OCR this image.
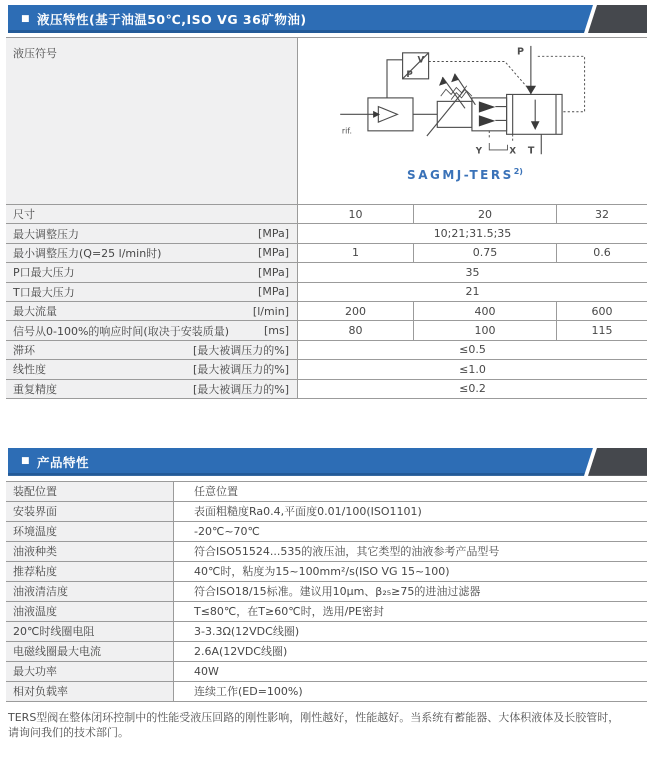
■ 液压特性(基于油温50℃,ISO VG 36矿物油)
液压符号
V
P
rif.
P
T
X
Y
SAGMJ-TERS$^{2)}$
尺寸	10	20	32
最大调整压力	[MPa]	10;21;31.5;35
最小调整压力(Q=25 l/min时)	[MPa]	1	0.75	0.6
P口最大压力	[MPa]	35
T口最大压力	[MPa]	21
最大流量	[l/min]	200	400	600
信号从0-100%的响应时间(取决于安装质量)	[ms]	80	100	115
滞环	[最大被调压力的%]	≤0.5
线性度	[最大被调压力的%]	≤1.0
重复精度	[最大被调压力的%]	≤0.2
■ 产品特性
装配位置	任意位置
安装界面	表面粗糙度Ra0.4,平面度0.01/100(ISO1101)
环境温度	-20℃~70℃
油液种类	符合ISO51524...535的液压油，其它类型的油液参考产品型号
推荐粘度	40℃时，粘度为15~100mm²/s(ISO VG 15~100)
油液清洁度	符合ISO18/15标准。建议用10μm、β₂₅≥75的进油过滤器
油液温度	T≤80℃，在T≥60℃时，选用/PE密封
20℃时线圈电阻	3-3.3Ω(12VDC线圈)
电磁线圈最大电流	2.6A(12VDC线圈)
最大功率	40W
相对负载率	连续工作(ED=100%)
TERS型阀在整体闭环控制中的性能受液压回路的刚性影响，刚性越好，性能越好。当系统有蓄能器、大体积液体及长胶管时，
请询问我们的技术部门。
